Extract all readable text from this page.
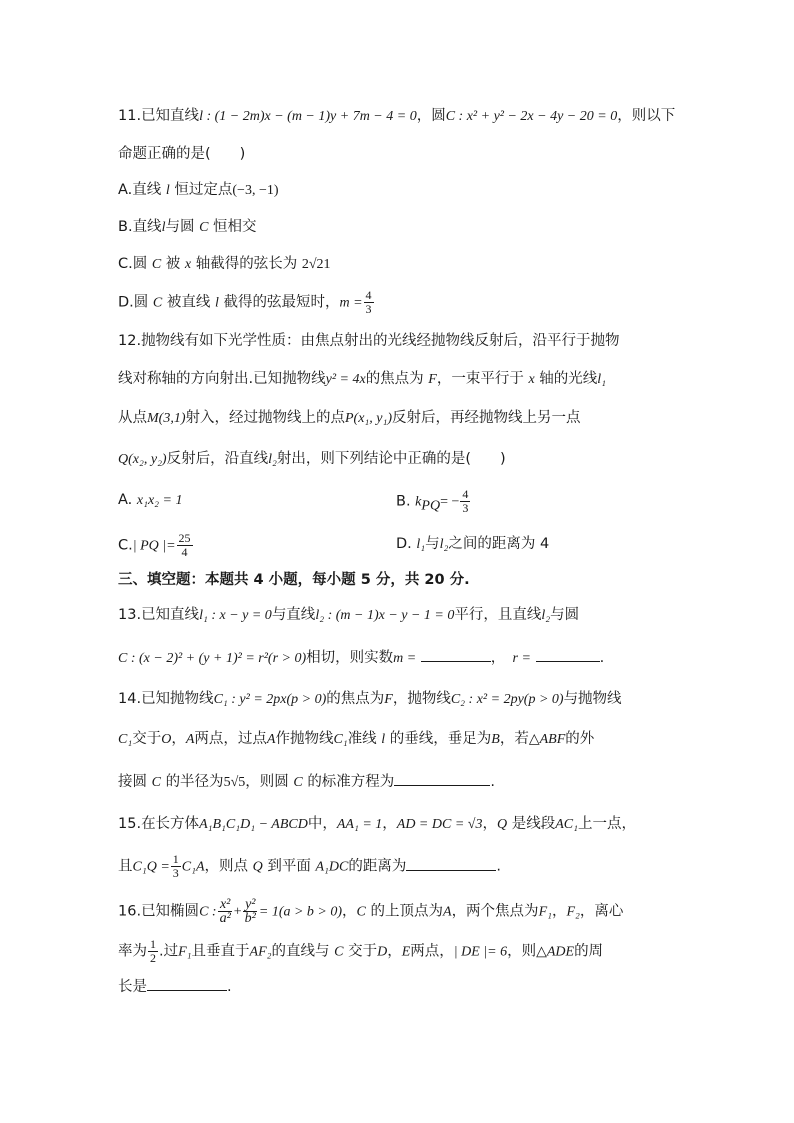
11.已知直线l : (1 − 2m)x − (m − 1)y + 7m − 4 = 0，圆C : x² + y² − 2x − 4y − 20 = 0，则以下
命题正确的是(　　)
A.直线 l 恒过定点(−3, −1)
B.直线l与圆 C 恒相交
C.圆 C 被 x 轴截得的弦长为 2√21
D.圆 C 被直线 l 截得的弦最短时，$m = \frac{4}{3}$
12.抛物线有如下光学性质：由焦点射出的光线经抛物线反射后，沿平行于抛物
线对称轴的方向射出.已知抛物线y² = 4x的焦点为 F，一束平行于 x 轴的光线l₁
从点M(3,1)射入，经过抛物线上的点P(x₁, y₁)反射后，再经抛物线上另一点
Q(x₂, y₂)反射后，沿直线l₂射出，则下列结论中正确的是(　　)
A. x₁x₂ = 1	B. $k_{PQ}= - \frac{4}{3}$
C.| PQ |= $\frac{25}{4}$	D. l₁与l₂之间的距离为 4
三、填空题：本题共 4 小题，每小题 5 分，共 20 分.
13.已知直线l₁ : x − y = 0与直线l₂ : (m − 1)x − y − 1 = 0平行，且直线l₂与圆
C : (x − 2)² + (y + 1)² = r²(r > 0)相切，则实数m =	，　 r =	.
14.已知抛物线C₁ : y² = 2px(p > 0)的焦点为F，抛物线C₂ : x² = 2py(p > 0)与抛物线
C₁交于O，A两点，过点A作抛物线C₁准线 l 的垂线，垂足为B，若△ABF的外
接圆 C 的半径为5√5，则圆 C 的标准方程为	.
15.在长方体A₁B₁C₁D₁ − ABCD中，AA₁ = 1，AD = DC = √3，Q 是线段AC₁上一点，
且$C_1Q = \frac{1}{3} C_1A$，则点 Q 到平面 A₁DC的距离为	.
16.已知椭圆C : $\frac{\text{x²}}{\text{a²}} + \frac{\text{y²}}{\text{b²}} = 1(a > b > 0)$，C 的上顶点为A，两个焦点为F₁，F₂，离心
率为 $\frac{1}{2}$ .过F₁且垂直于AF₂的直线与 C 交于D，E两点，| DE |= 6，则△ADE的周
长是	.
